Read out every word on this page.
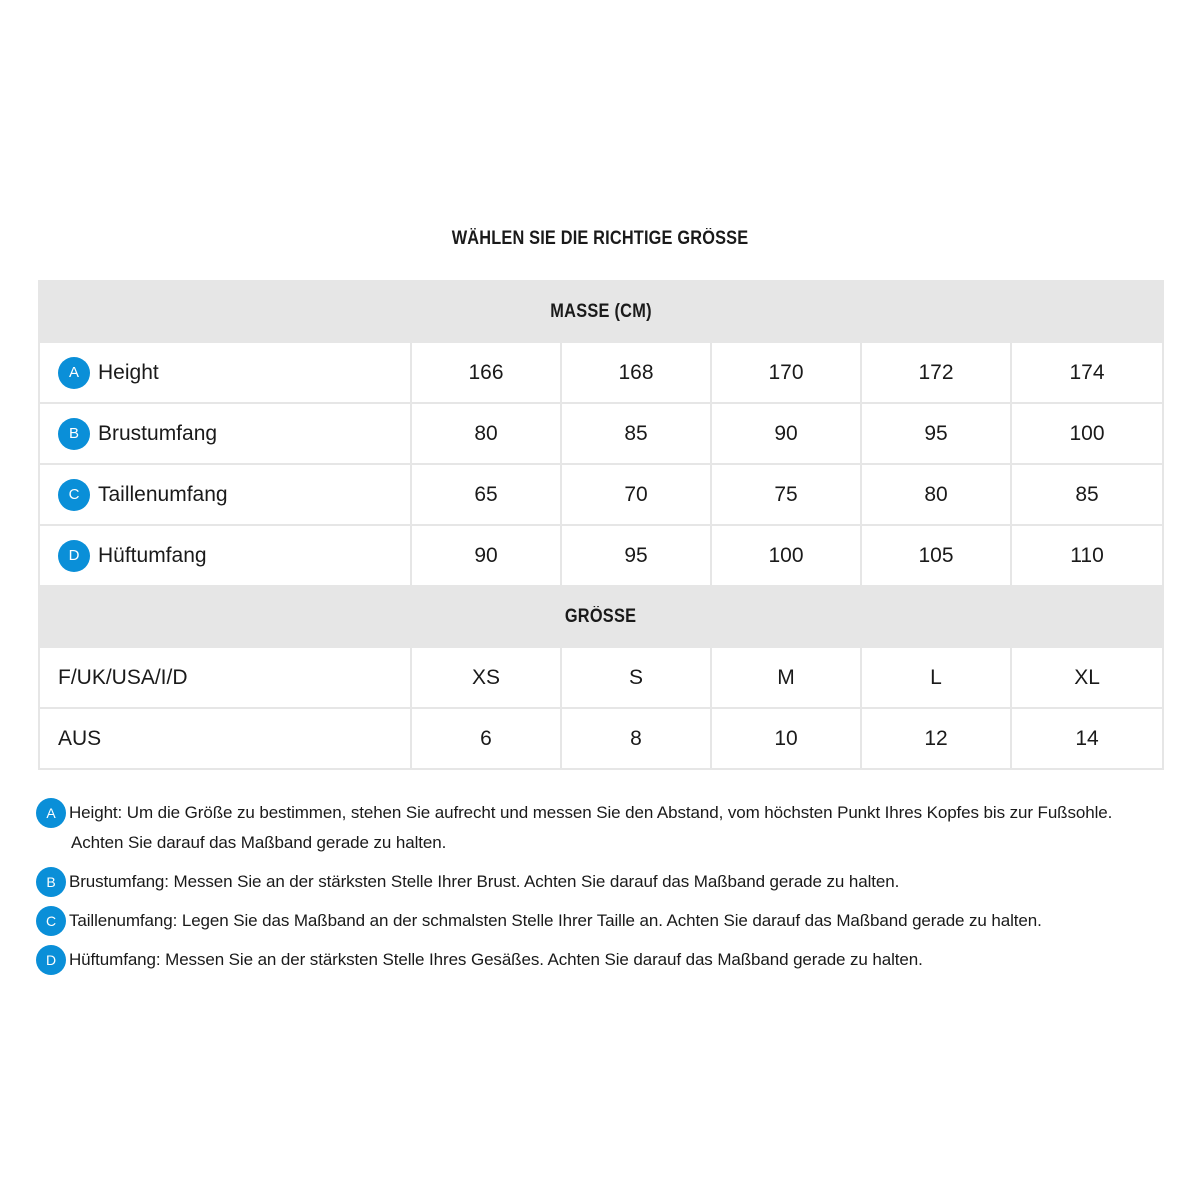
WÄHLEN SIE DIE RICHTIGE GRÖSSE
MASSE (CM)					

A Height	166	168	170	172	174

B Brustumfang	80	85	90	95	100

C Taillenumfang	65	70	75	80	85

D Hüftumfang	90	95	100	105	110
GRÖSSE					
F/UK/USA/I/D	XS	S	M	L	XL
AUS	6	8	10	12	14
A Height: Um die Größe zu bestimmen, stehen Sie aufrecht und messen Sie den Abstand, vom höchsten Punkt Ihres Kopfes bis zur Fußsohle.
Achten Sie darauf das Maßband gerade zu halten.
B Brustumfang: Messen Sie an der stärksten Stelle Ihrer Brust. Achten Sie darauf das Maßband gerade zu halten.
C Taillenumfang: Legen Sie das Maßband an der schmalsten Stelle Ihrer Taille an. Achten Sie darauf das Maßband gerade zu halten.
D Hüftumfang: Messen Sie an der stärksten Stelle Ihres Gesäßes. Achten Sie darauf das Maßband gerade zu halten.
